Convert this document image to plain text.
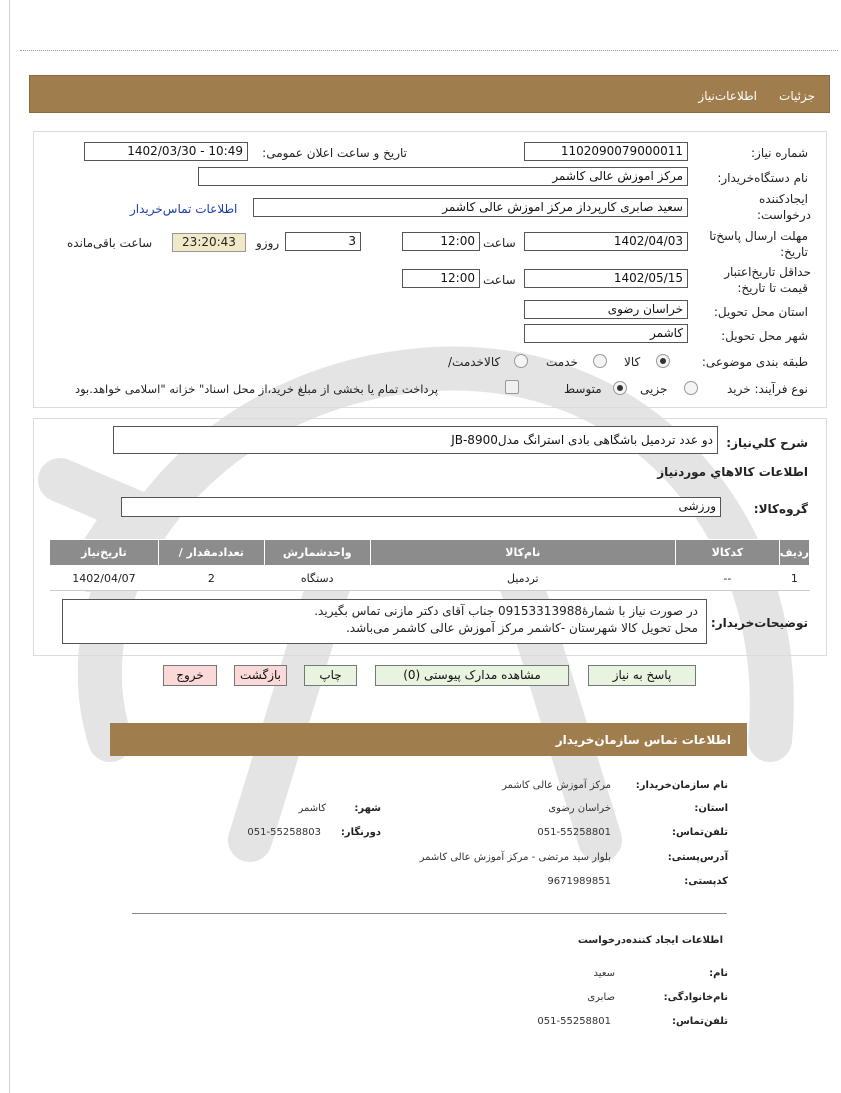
جزئیات
اطلاعات‌نیاز
شماره نیاز:
1102090079000011
تاریخ و ساعت اعلان عمومی:
1402/03/30 - 10:49
نام دستگاه‌خریدار:
مرکز اموزش عالی کاشمر
ایجادکننده
درخواست:
سعید صابری کارپرداز مرکز اموزش عالی کاشمر
اطلاعات تماس‌خریدار
مهلت ارسال پاسخ‌تا
تاریخ:
1402/04/03
ساعت
12:00
3
روزو
23:20:43
ساعت باقی‌مانده
حداقل تاریخ‌اعتبار
قیمت تا تاریخ:
1402/05/15
ساعت
12:00
استان محل تحویل:
خراسان رضوی
شهر محل تحویل:
کاشمر
طبقه بندی موضوعی:
کالا
خدمت
کالاخدمت/
نوع فرآیند: خرید
جزیی
متوسط
پرداخت تمام یا بخشی از مبلغ خرید،از محل اسناد" خزانه "اسلامی خواهد.بود
شرح کلي‌نیاز:
دو عدد تردمیل باشگاهی بادی استرانگ مدلJB-8900
اطلاعات کالاهاي موردنیاز
گروه‌کالا:
ورزشی
ردیف	کدکالا	نام‌کالا	واحدشمارش	تعدادمقدار /	تاریخ‌نیاز
1	--	تردمیل	دستگاه	2	1402/04/07
توضیحات‌خریدار:
در صورت نیاز با شمارهٔ09153313988 جناب آقای دکتر مازنی تماس بگیرید.
محل تحویل کالا شهرستان -کاشمر مرکز آموزش عالی کاشمر می‌باشد.
پاسخ به نیاز
مشاهده مدارک پیوستی (0)
چاپ
بازگشت
خروج
اطلاعات تماس سازمان‌خریدار
نام سازمان‌خریدار:
مرکز آموزش عالی کاشمر
استان:
خراسان رضوی
شهر:
کاشمر
تلفن‌تماس:
051-55258801
دورنگار:
051-55258803
آدرس‌پستی:
بلوار سید مرتضی - مرکز آموزش عالی کاشمر
کدپستی:
9671989851
اطلاعات ایجاد کننده‌درخواست
نام:
سعید
نام‌خانوادگی:
صابری
تلفن‌تماس:
051-55258801
